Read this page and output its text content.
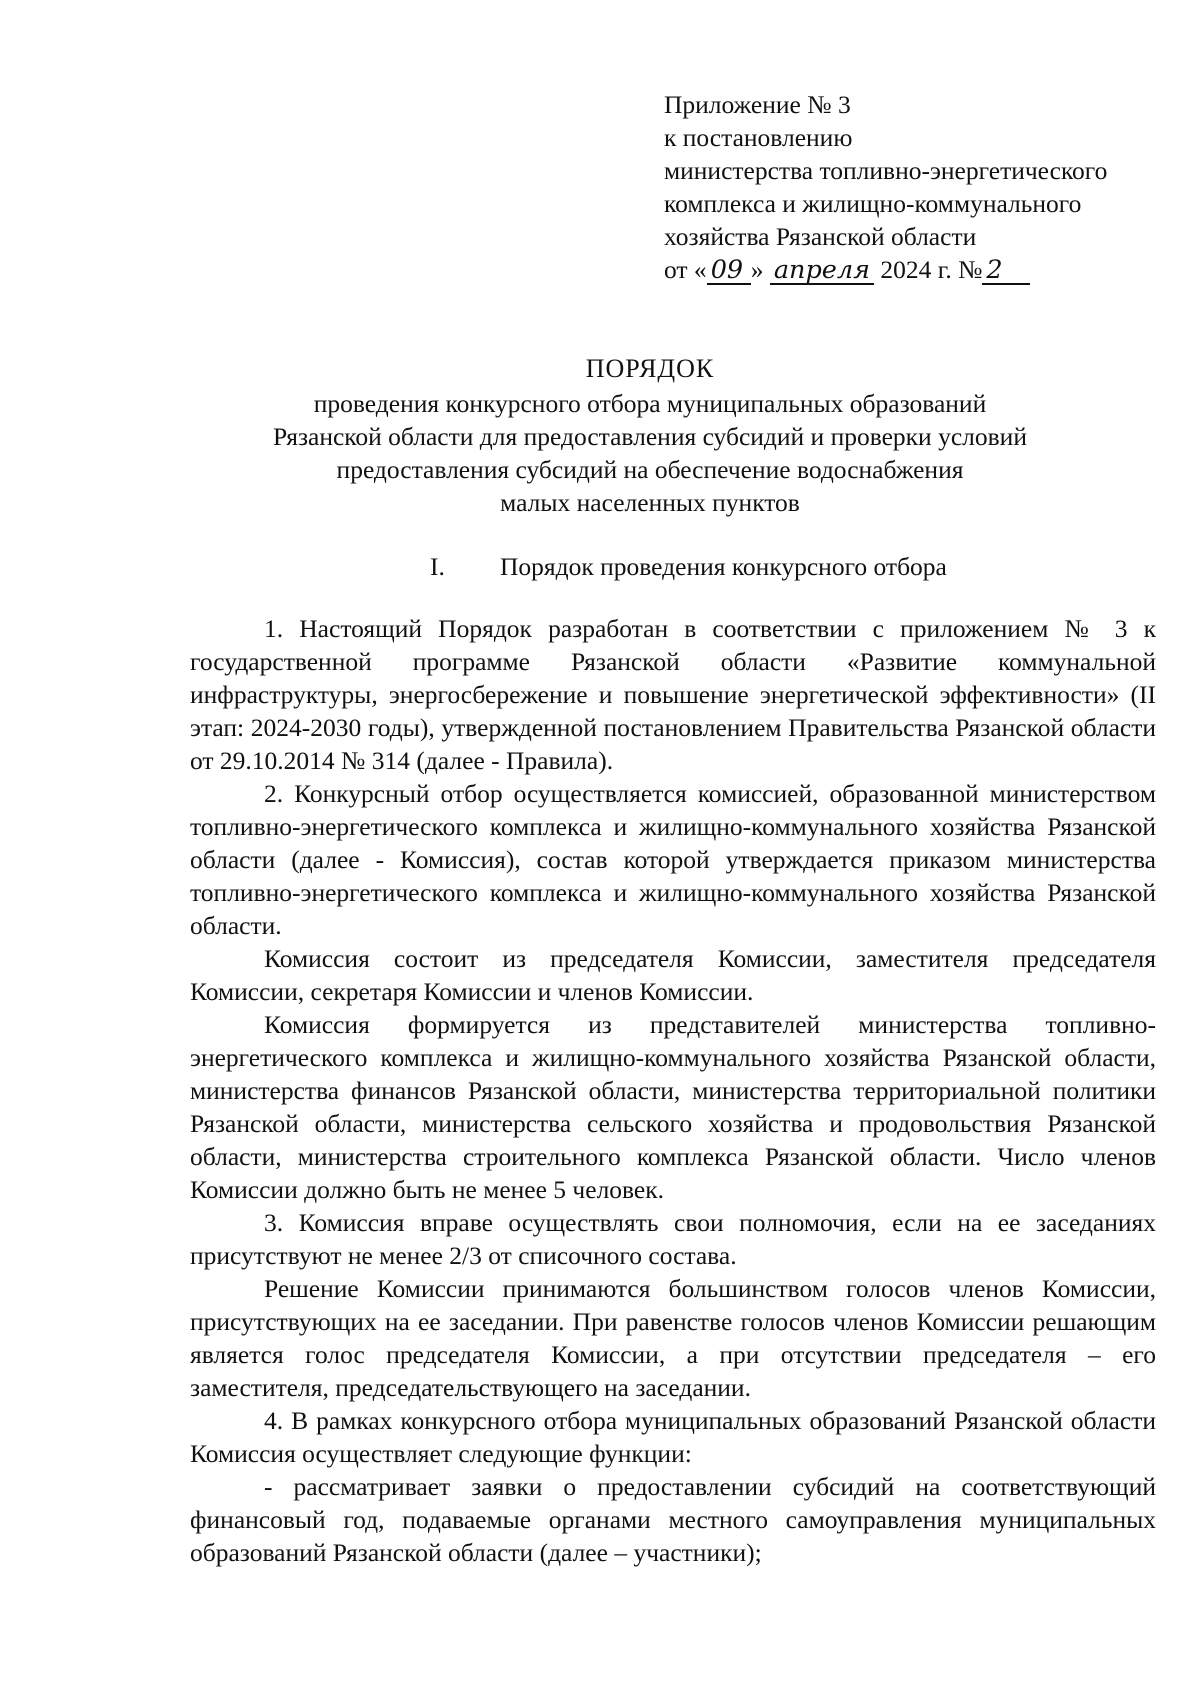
Приложение № 3
к постановлению
министерства топливно-энергетического
комплекса и жилищно-коммунального
хозяйства Рязанской области
от « 09 » апреля 2024 г. № 2
ПОРЯДОК
проведения конкурсного отбора муниципальных образований
Рязанской области для предоставления субсидий и проверки условий
предоставления субсидий на обеспечение водоснабжения
малых населенных пунктов
I. Порядок проведения конкурсного отбора

1. Настоящий Порядок разработан в соответствии с приложением № 3 к государственной программе Рязанской области «Развитие коммунальной инфраструктуры, энергосбережение и повышение энергетической эффективности» (II этап: 2024-2030 годы), утвержденной постановлением Правительства Рязанской области от 29.10.2014 № 314 (далее - Правила).

2. Конкурсный отбор осуществляется комиссией, образованной министерством топливно-энергетического комплекса и жилищно-коммунального хозяйства Рязанской области (далее - Комиссия), состав которой утверждается приказом министерства топливно-энергетического комплекса и жилищно-коммунального хозяйства Рязанской области.

Комиссия состоит из председателя Комиссии, заместителя председателя Комиссии, секретаря Комиссии и членов Комиссии.

Комиссия формируется из представителей министерства топливно-энергетического комплекса и жилищно-коммунального хозяйства Рязанской области, министерства финансов Рязанской области, министерства территориальной политики Рязанской области, министерства сельского хозяйства и продовольствия Рязанской области, министерства строительного комплекса Рязанской области. Число членов Комиссии должно быть не менее 5 человек.

3. Комиссия вправе осуществлять свои полномочия, если на ее заседаниях присутствуют не менее 2/3 от списочного состава.

Решение Комиссии принимаются большинством голосов членов Комиссии, присутствующих на ее заседании. При равенстве голосов членов Комиссии решающим является голос председателя Комиссии, а при отсутствии председателя – его заместителя, председательствующего на заседании.

4. В рамках конкурсного отбора муниципальных образований Рязанской области Комиссия осуществляет следующие функции:

- рассматривает заявки о предоставлении субсидий на соответствующий финансовый год, подаваемые органами местного самоуправления муниципальных образований Рязанской области (далее – участники);
